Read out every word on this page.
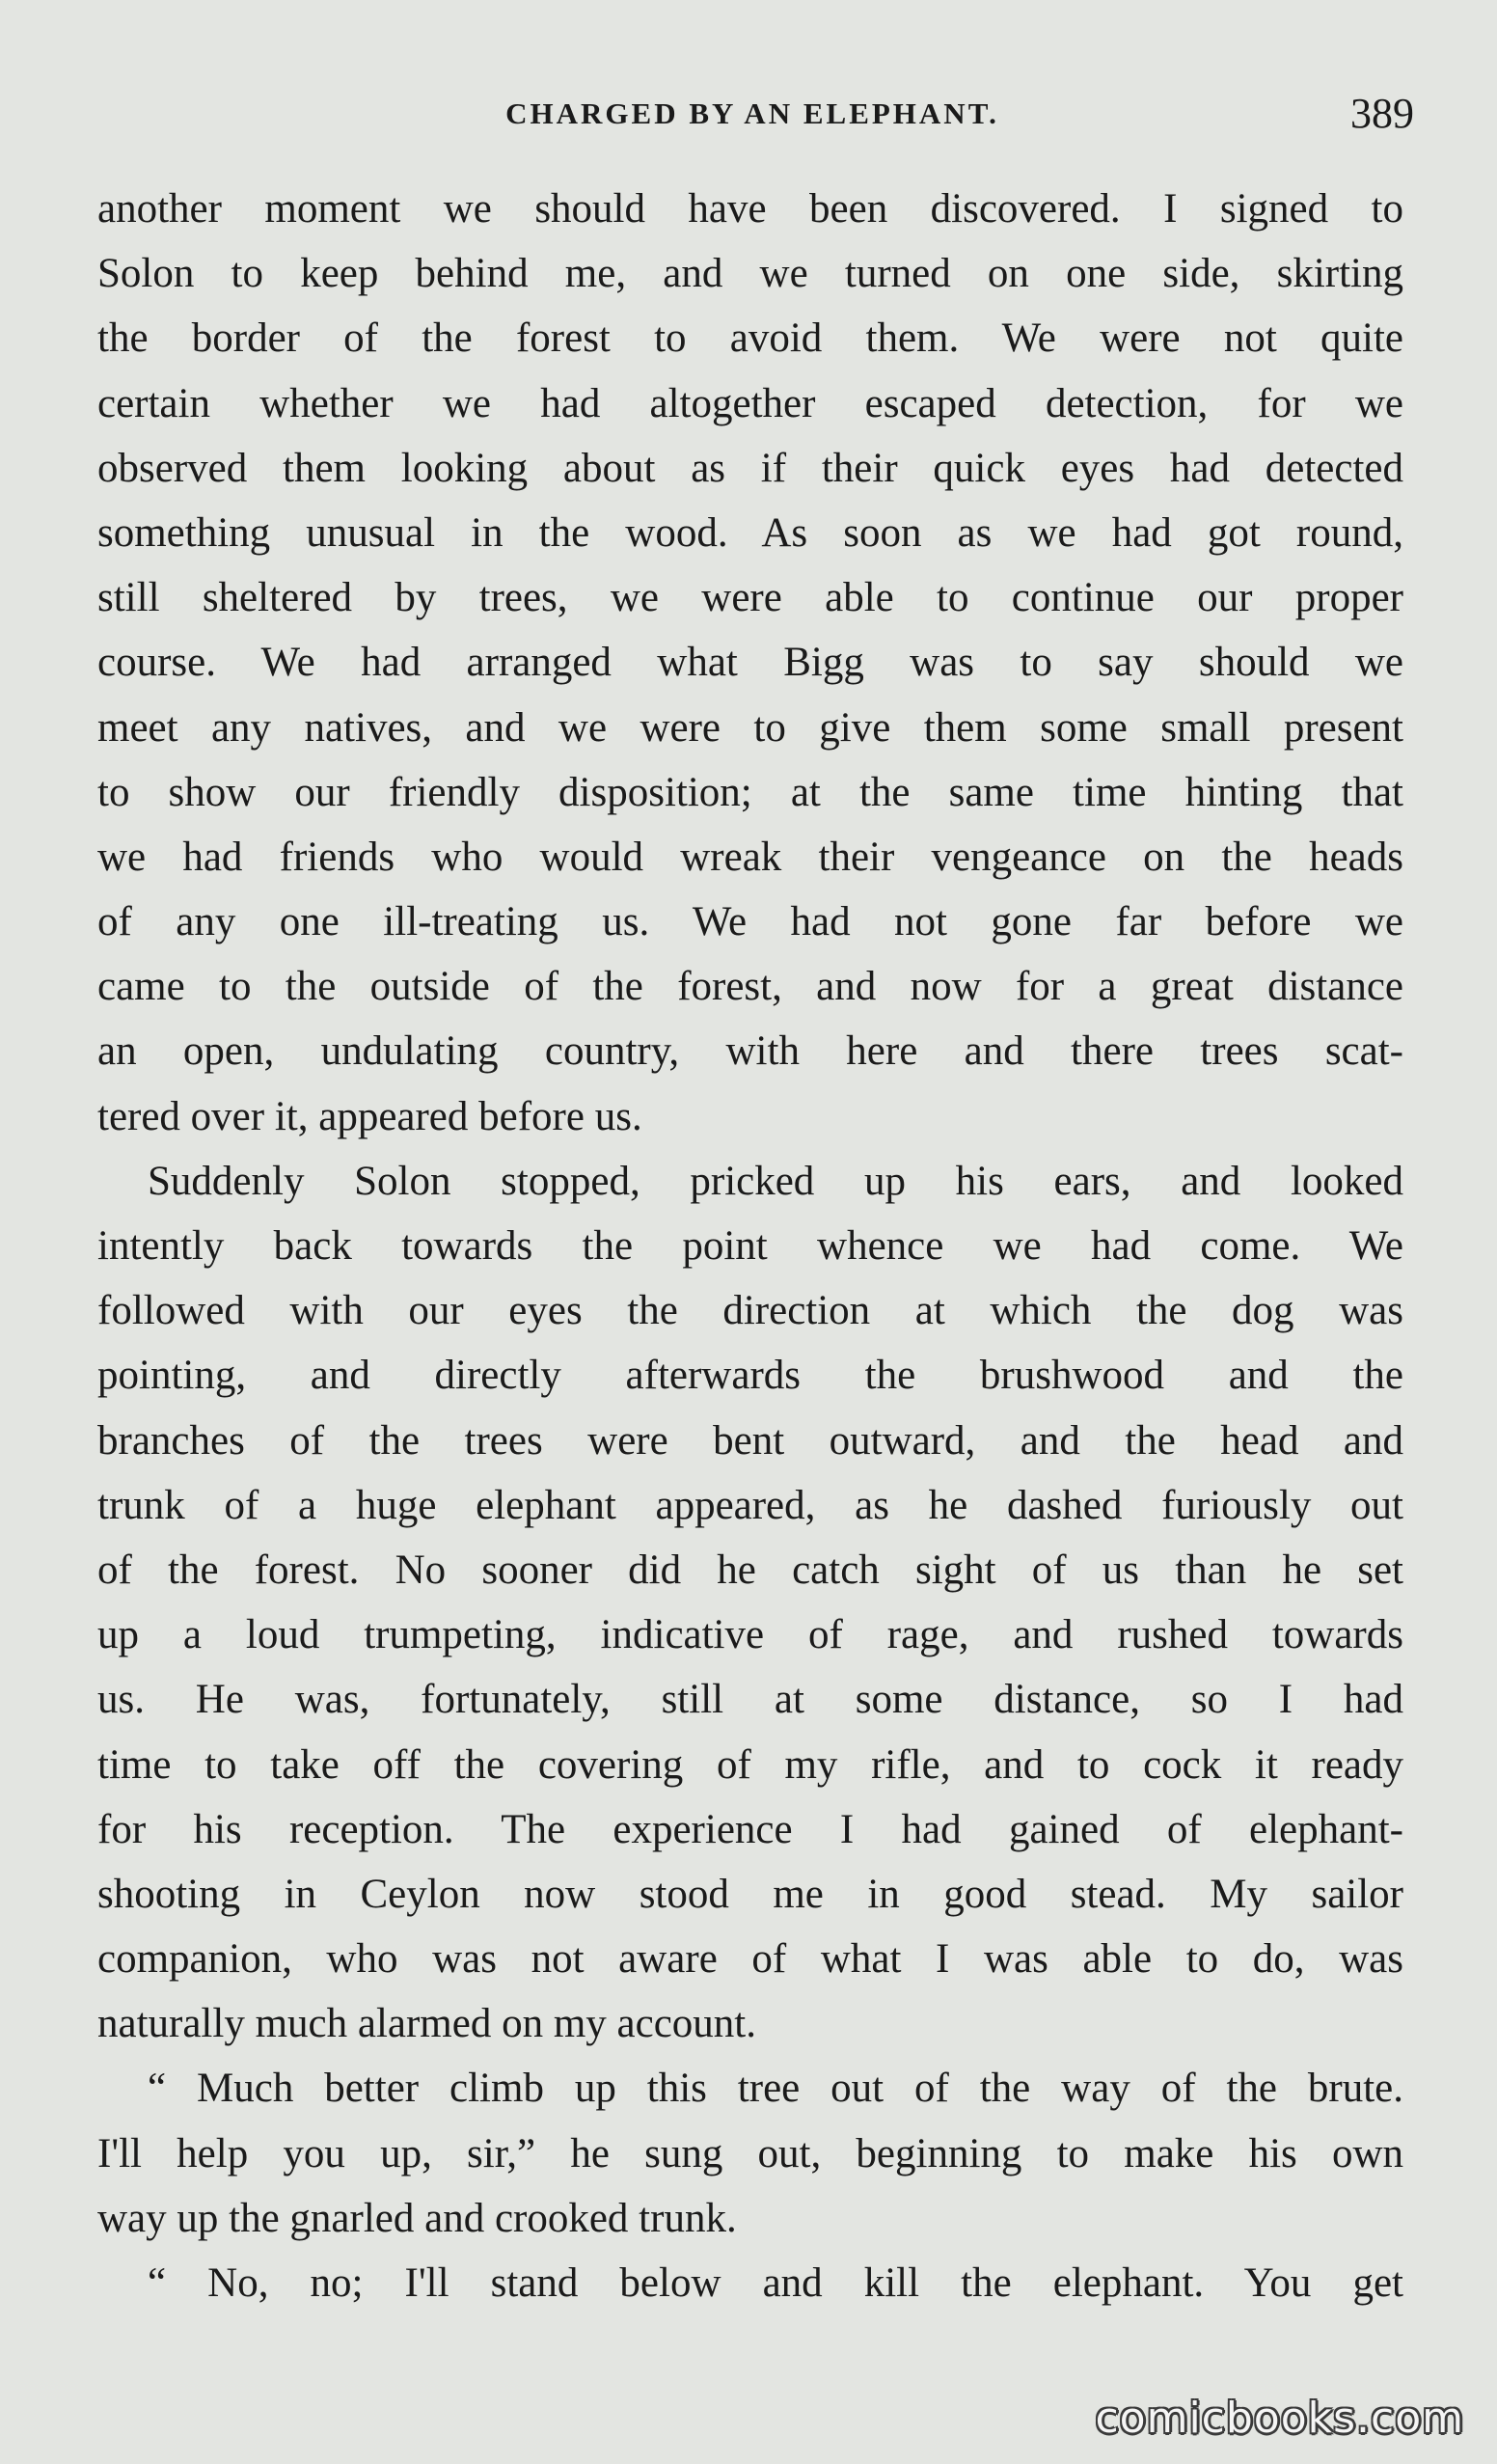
CHARGED BY AN ELEPHANT.	389
another moment we should have been discovered. I signed to
Solon to keep behind me, and we turned on one side, skirting
the border of the forest to avoid them. We were not quite
certain whether we had altogether escaped detection, for we
observed them looking about as if their quick eyes had detected
something unusual in the wood. As soon as we had got round,
still sheltered by trees, we were able to continue our proper
course. We had arranged what Bigg was to say should we
meet any natives, and we were to give them some small present
to show our friendly disposition; at the same time hinting that
we had friends who would wreak their vengeance on the heads
of any one ill-treating us. We had not gone far before we
came to the outside of the forest, and now for a great distance
an open, undulating country, with here and there trees scat-
tered over it, appeared before us.
Suddenly Solon stopped, pricked up his ears, and looked
intently back towards the point whence we had come. We
followed with our eyes the direction at which the dog was
pointing, and directly afterwards the brushwood and the
branches of the trees were bent outward, and the head and
trunk of a huge elephant appeared, as he dashed furiously out
of the forest. No sooner did he catch sight of us than he set
up a loud trumpeting, indicative of rage, and rushed towards
us. He was, fortunately, still at some distance, so I had
time to take off the covering of my rifle, and to cock it ready
for his reception. The experience I had gained of elephant-
shooting in Ceylon now stood me in good stead. My sailor
companion, who was not aware of what I was able to do, was
naturally much alarmed on my account.
“ Much better climb up this tree out of the way of the brute.
I'll help you up, sir,” he sung out, beginning to make his own
way up the gnarled and crooked trunk.
“ No, no; I'll stand below and kill the elephant. You get
comicbooks.com
